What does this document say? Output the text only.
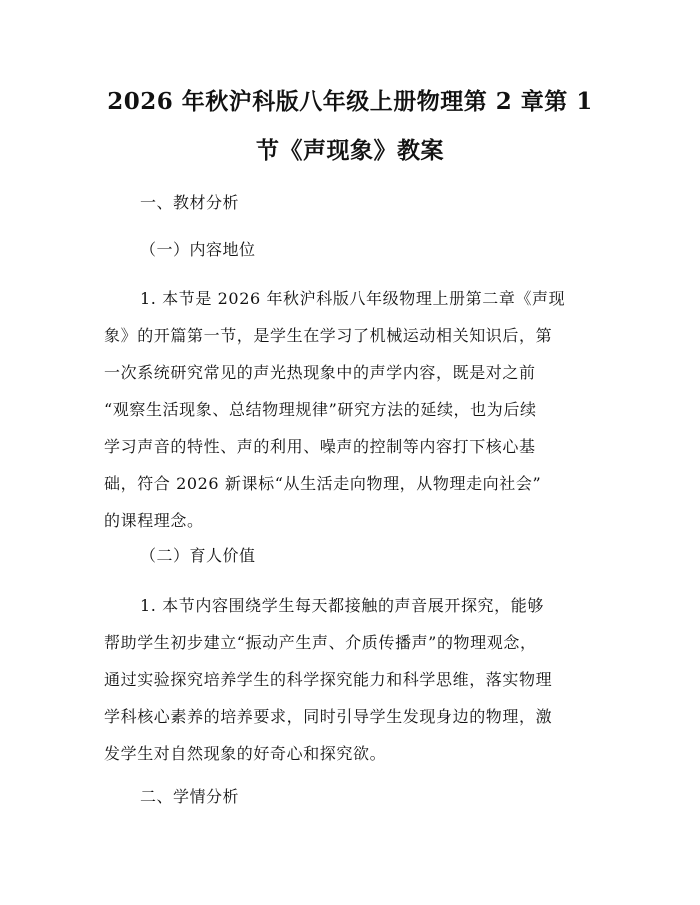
2026 年秋沪科版八年级上册物理第 2 章第 1
节《声现象》教案

一、教材分析

（一）内容地位

1. 本节是 2026 年秋沪科版八年级物理上册第二章《声现
象》的开篇第一节，是学生在学习了机械运动相关知识后，第
一次系统研究常见的声光热现象中的声学内容，既是对之前
“观察生活现象、总结物理规律”研究方法的延续，也为后续
学习声音的特性、声的利用、噪声的控制等内容打下核心基
础，符合 2026 新课标“从生活走向物理，从物理走向社会”
的课程理念。

（二）育人价值

1. 本节内容围绕学生每天都接触的声音展开探究，能够
帮助学生初步建立“振动产生声、介质传播声”的物理观念，
通过实验探究培养学生的科学探究能力和科学思维，落实物理
学科核心素养的培养要求，同时引导学生发现身边的物理，激
发学生对自然现象的好奇心和探究欲。

二、学情分析
